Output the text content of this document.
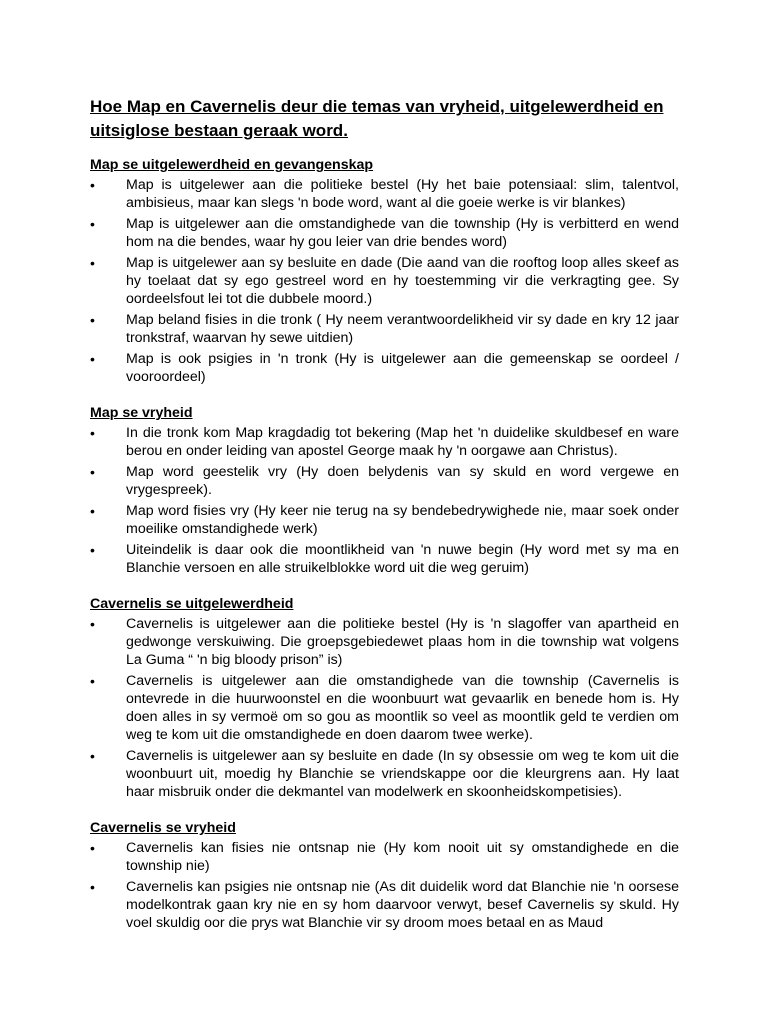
Hoe Map en Cavernelis deur die temas van vryheid, uitgelewerdheid en uitsiglose bestaan geraak word.
Map se uitgelewerdheid en gevangenskap
• Map is uitgelewer aan die politieke bestel (Hy het baie potensiaal: slim, talentvol, ambisieus, maar kan slegs 'n bode word, want al die goeie werke is vir blankes)
• Map is uitgelewer aan die omstandighede van die township (Hy is verbitterd en wend hom na die bendes, waar hy gou leier van drie bendes word)
• Map is uitgelewer aan sy besluite en dade (Die aand van die rooftog loop alles skeef as hy toelaat dat sy ego gestreel word en hy toestemming vir die verkragting gee. Sy oordeelsfout lei tot die dubbele moord.)
• Map beland fisies in die tronk ( Hy neem verantwoordelikheid vir sy dade en kry 12 jaar tronkstraf, waarvan hy sewe uitdien)
• Map is ook psigies in 'n tronk (Hy is uitgelewer aan die gemeenskap se oordeel / vooroordeel)
Map se vryheid
• In die tronk kom Map kragdadig tot bekering (Map het 'n duidelike skuldbesef en ware berou en onder leiding van apostel George maak hy 'n oorgawe aan Christus).
• Map word geestelik vry (Hy doen belydenis van sy skuld en word vergewe en vrygespreek).
• Map word fisies vry (Hy keer nie terug na sy bendebedrywighede nie, maar soek onder moeilike omstandighede werk)
• Uiteindelik is daar ook die moontlikheid van 'n nuwe begin (Hy word met sy ma en Blanchie versoen en alle struikelblokke word uit die weg geruim)
Cavernelis se uitgelewerdheid
• Cavernelis is uitgelewer aan die politieke bestel (Hy is 'n slagoffer van apartheid en gedwonge verskuiwing. Die groepsgebiedewet plaas hom in die township wat volgens La Guma “ 'n big bloody prison” is)
• Cavernelis is uitgelewer aan die omstandighede van die township (Cavernelis is ontevrede in die huurwoonstel en die woonbuurt wat gevaarlik en benede hom is. Hy doen alles in sy vermoë om so gou as moontlik so veel as moontlik geld te verdien om weg te kom uit die omstandighede en doen daarom twee werke).
• Cavernelis is uitgelewer aan sy besluite en dade (In sy obsessie om weg te kom uit die woonbuurt uit, moedig hy Blanchie se vriendskappe oor die kleurgrens aan. Hy laat haar misbruik onder die dekmantel van modelwerk en skoonheidskompetisies).
Cavernelis se vryheid
• Cavernelis kan fisies nie ontsnap nie (Hy kom nooit uit sy omstandighede en die township nie)
• Cavernelis kan psigies nie ontsnap nie (As dit duidelik word dat Blanchie nie 'n oorsese modelkontrak gaan kry nie en sy hom daarvoor verwyt, besef Cavernelis sy skuld. Hy voel skuldig oor die prys wat Blanchie vir sy droom moes betaal en as Maud
